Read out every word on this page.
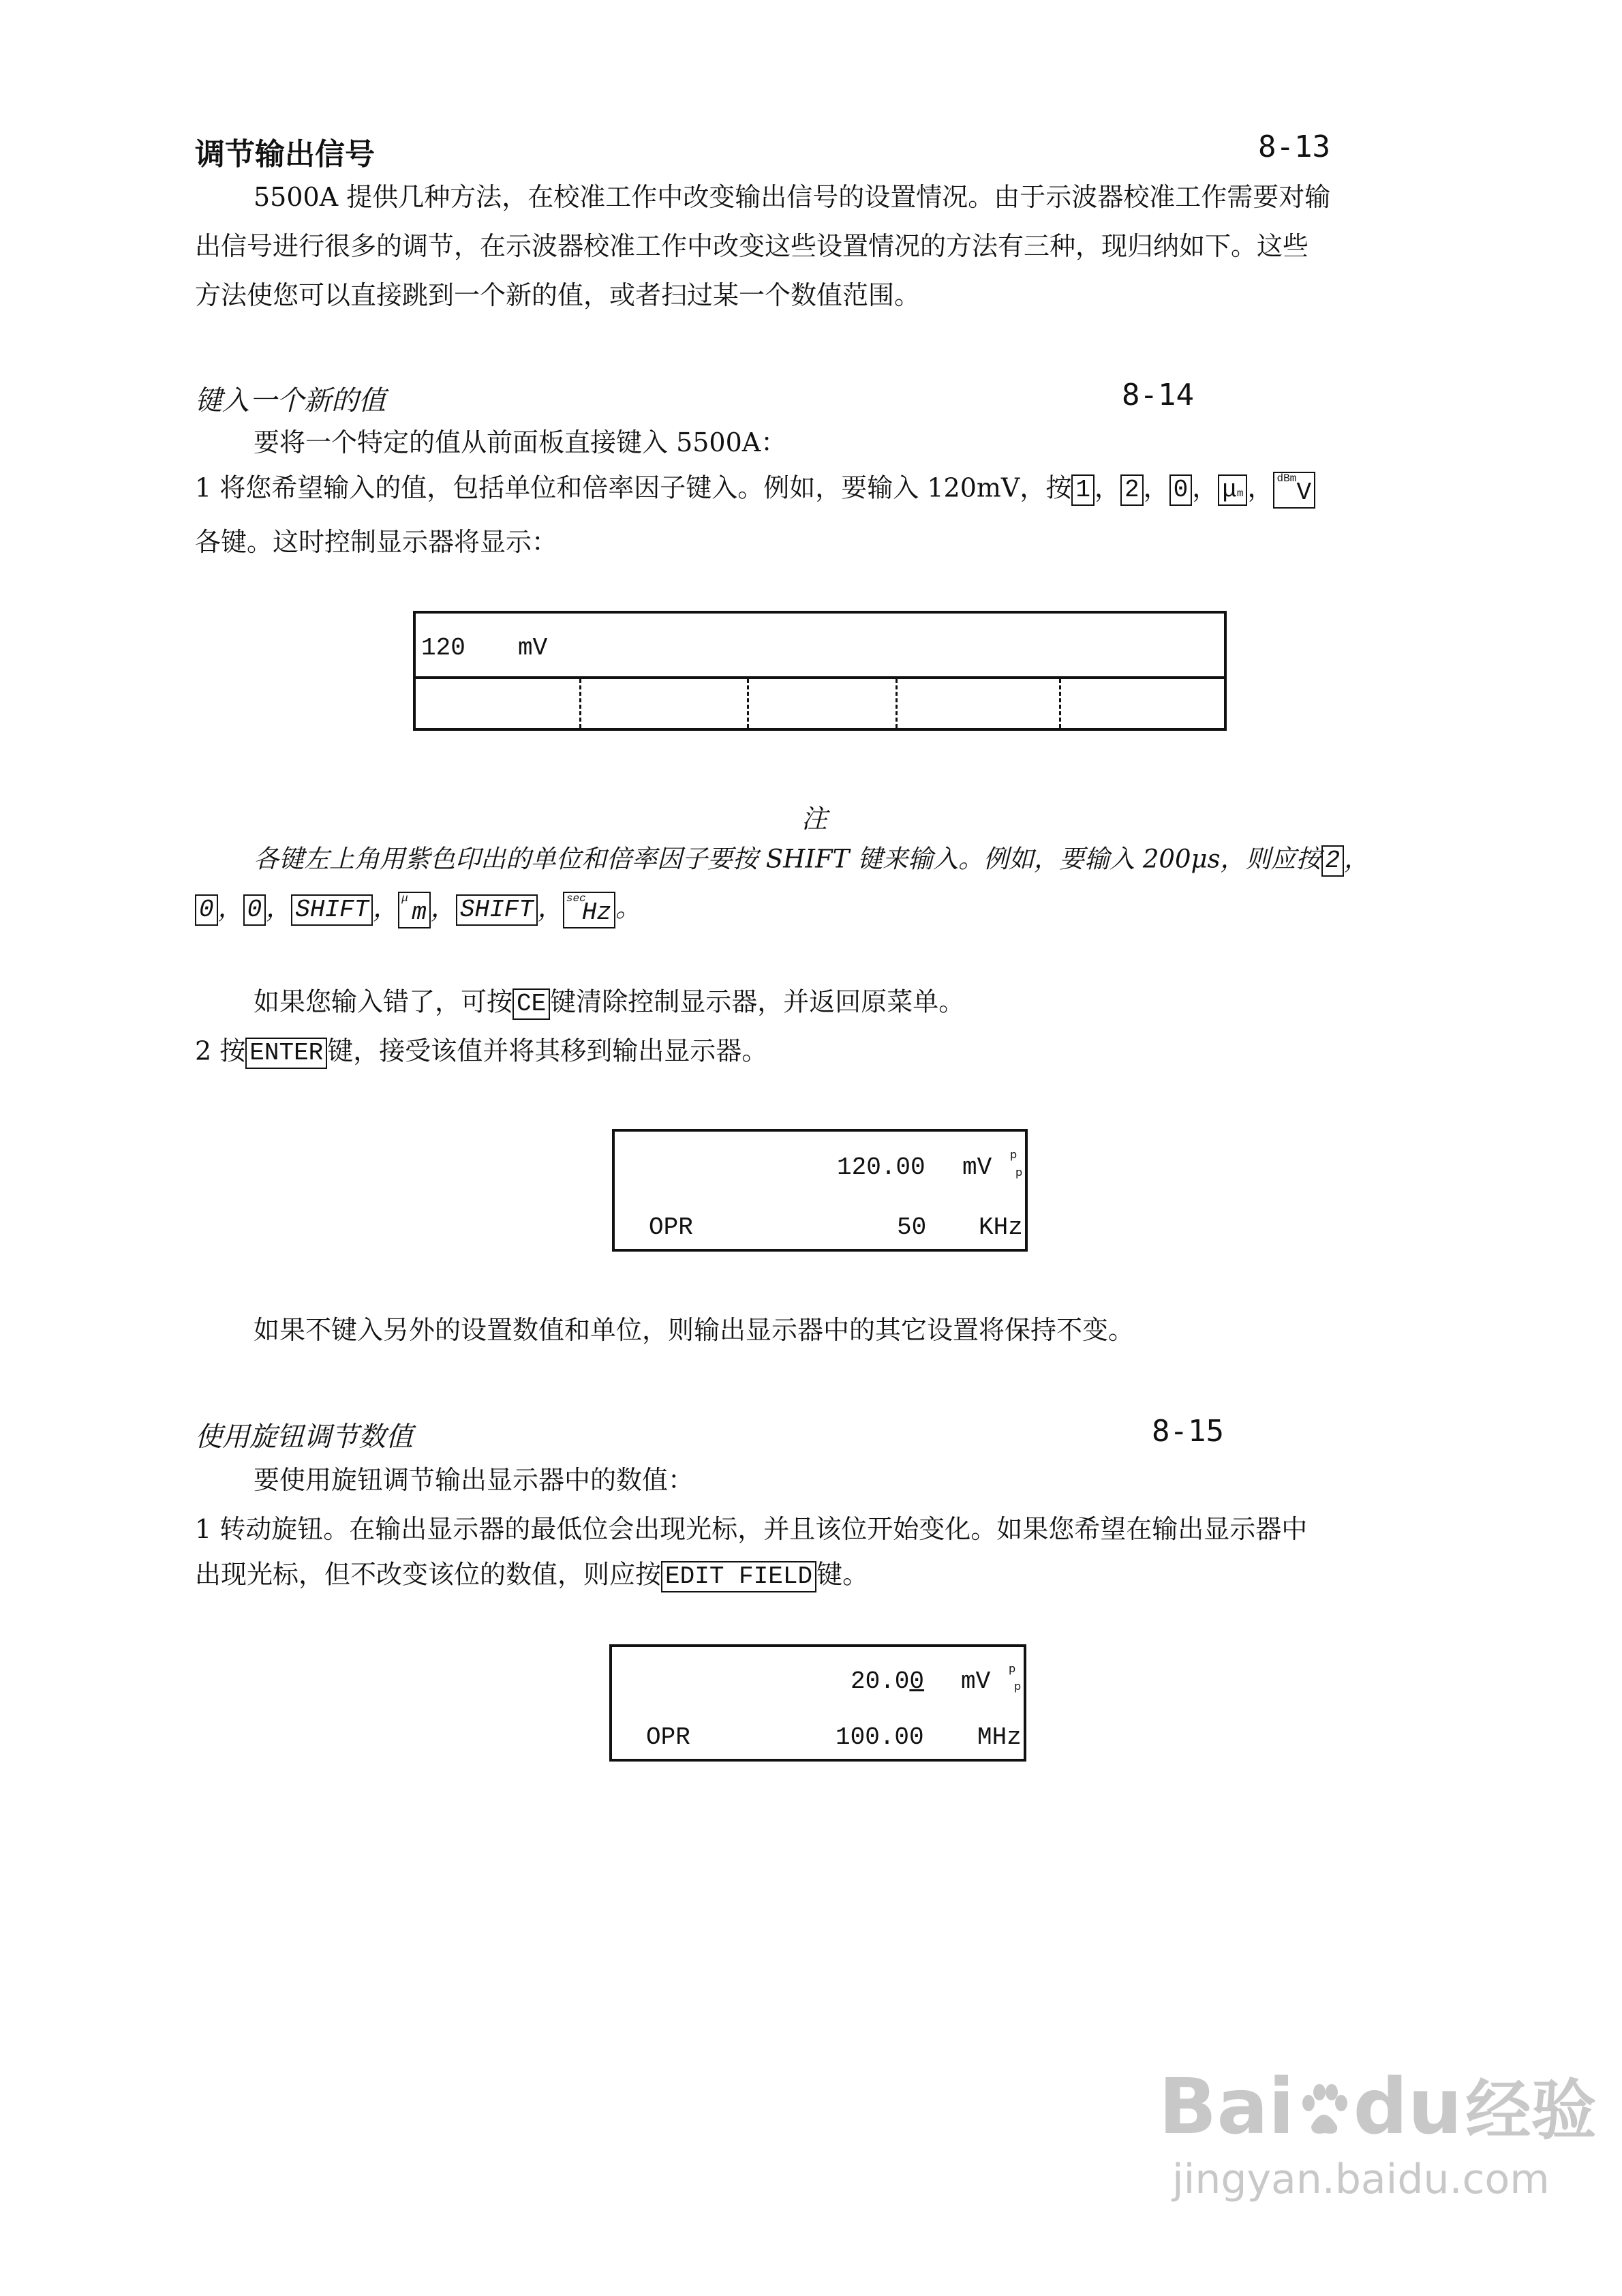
调节输出信号	8-13
5500A 提供几种方法，在校准工作中改变输出信号的设置情况。由于示波器校准工作需要对输
出信号进行很多的调节，在示波器校准工作中改变这些设置情况的方法有三种，现归纳如下。这些
方法使您可以直接跳到一个新的值，或者扫过某一个数值范围。
键入一个新的值	8-14
要将一个特定的值从前面板直接键入 5500A：
1 将您希望输入的值，包括单位和倍率因子键入。例如，要输入 120mV，按 1 ， 2 ， 0 ， μm ， dBm V
各键。这时控制显示器将显示：
120 mV
注
各键左上角用紫色印出的单位和倍率因子要按 SHIFT 键来输入。例如，要输入 200μs，则应按 2 ，
0 ， 0 ， SHIFT ， μ m ， SHIFT ， sec
Hz 。
如果您输入错了，可按 CE 键清除控制显示器，并返回原菜单。
2 按 ENTER 键，接受该值并将其移到输出显示器。
120.00 mV p
p
OPR	50 KHz
如果不键入另外的设置数值和单位，则输出显示器中的其它设置将保持不变。
使用旋钮调节数值	8-15
要使用旋钮调节输出显示器中的数值：
1 转动旋钮。在输出显示器的最低位会出现光标，并且该位开始变化。如果您希望在输出显示器中
出现光标，但不改变该位的数值，则应按 EDIT FIELD 键。
20.00 mV p
p
OPR	100.00 MHz
Bai du 经验
jingyan.baidu.com
